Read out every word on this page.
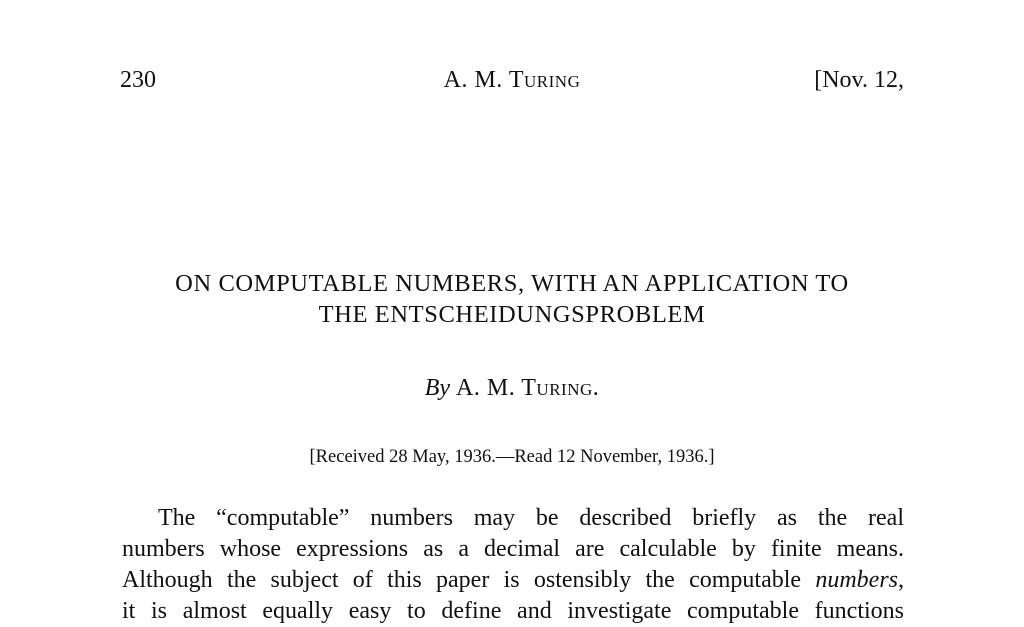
230	A. M. Turing	[Nov. 12,
ON COMPUTABLE NUMBERS, WITH AN APPLICATION TO
THE ENTSCHEIDUNGSPROBLEM
By A. M. Turing.
[Received 28 May, 1936.—Read 12 November, 1936.]
The “computable” numbers may be described briefly as the real
numbers whose expressions as a decimal are calculable by finite means.
Although the subject of this paper is ostensibly the computable numbers,
it is almost equally easy to define and investigate computable functions
